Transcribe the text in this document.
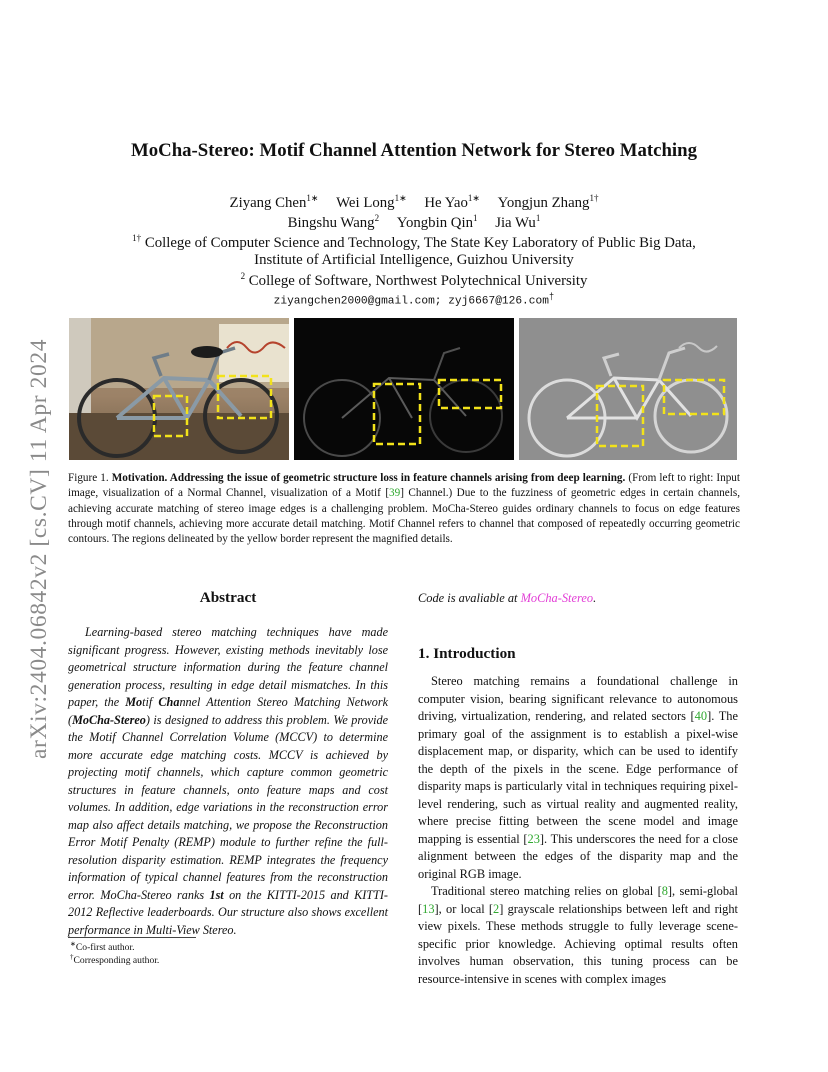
arXiv:2404.06842v2 [cs.CV] 11 Apr 2024
MoCha-Stereo: Motif Channel Attention Network for Stereo Matching
Ziyang Chen$^{1∗}$ Wei Long$^{1∗}$ He Yao$^{1∗}$ Yongjun Zhang$^{1\dagger}$
Bingshu Wang$^2$ Yongbin Qin$^1$ Jia Wu$^1$
$^{1\dagger}$ College of Computer Science and Technology, The State Key Laboratory of Public Big Data,
Institute of Artificial Intelligence, Guizhou University
$^2$ College of Software, Northwest Polytechnical University
ziyangchen2000@gmail.com; zyj6667@126.com†
Figure 1. Motivation. Addressing the issue of geometric structure loss in feature channels arising from deep learning. (From left to right: Input image, visualization of a Normal Channel, visualization of a Motif [39] Channel.) Due to the fuzziness of geometric edges in certain channels, achieving accurate matching of stereo image edges is a challenging problem. MoCha-Stereo guides ordinary channels to focus on edge features through motif channels, achieving more accurate detail matching. Motif Channel refers to channel that composed of repeatedly occurring geometric contours. The regions delineated by the yellow border represent the magnified details.
Abstract
Learning-based stereo matching techniques have made significant progress. However, existing methods inevitably lose geometrical structure information during the feature channel generation process, resulting in edge detail mismatches. In this paper, the Motif Channel Attention Stereo Matching Network (MoCha-Stereo) is designed to address this problem. We provide the Motif Channel Correlation Volume (MCCV) to determine more accurate edge matching costs. MCCV is achieved by projecting motif channels, which capture common geometric structures in feature channels, onto feature maps and cost volumes. In addition, edge variations in the reconstruction error map also affect details matching, we propose the Reconstruction Error Motif Penalty (REMP) module to further refine the full-resolution disparity estimation. REMP integrates the frequency information of typical channel features from the reconstruction error. MoCha-Stereo ranks 1st on the KITTI-2015 and KITTI-2012 Reflective leaderboards. Our structure also shows excellent performance in Multi-View Stereo.
∗Co-first author.
†Corresponding author.
Code is avaliable at MoCha-Stereo.
1. Introduction

Stereo matching remains a foundational challenge in computer vision, bearing significant relevance to autonomous driving, virtualization, rendering, and related sectors [40]. The primary goal of the assignment is to establish a pixel-wise displacement map, or disparity, which can be used to identify the depth of the pixels in the scene. Edge performance of disparity maps is particularly vital in techniques requiring pixel-level rendering, such as virtual reality and augmented reality, where precise fitting between the scene model and image mapping is essential [23]. This underscores the need for a close alignment between the edges of the disparity map and the original RGB image.

Traditional stereo matching relies on global [8], semi-global [13], or local [2] grayscale relationships between left and right view pixels. These methods struggle to fully leverage scene-specific prior knowledge. Achieving optimal results often involves human observation, this tuning process can be resource-intensive in scenes with complex images
